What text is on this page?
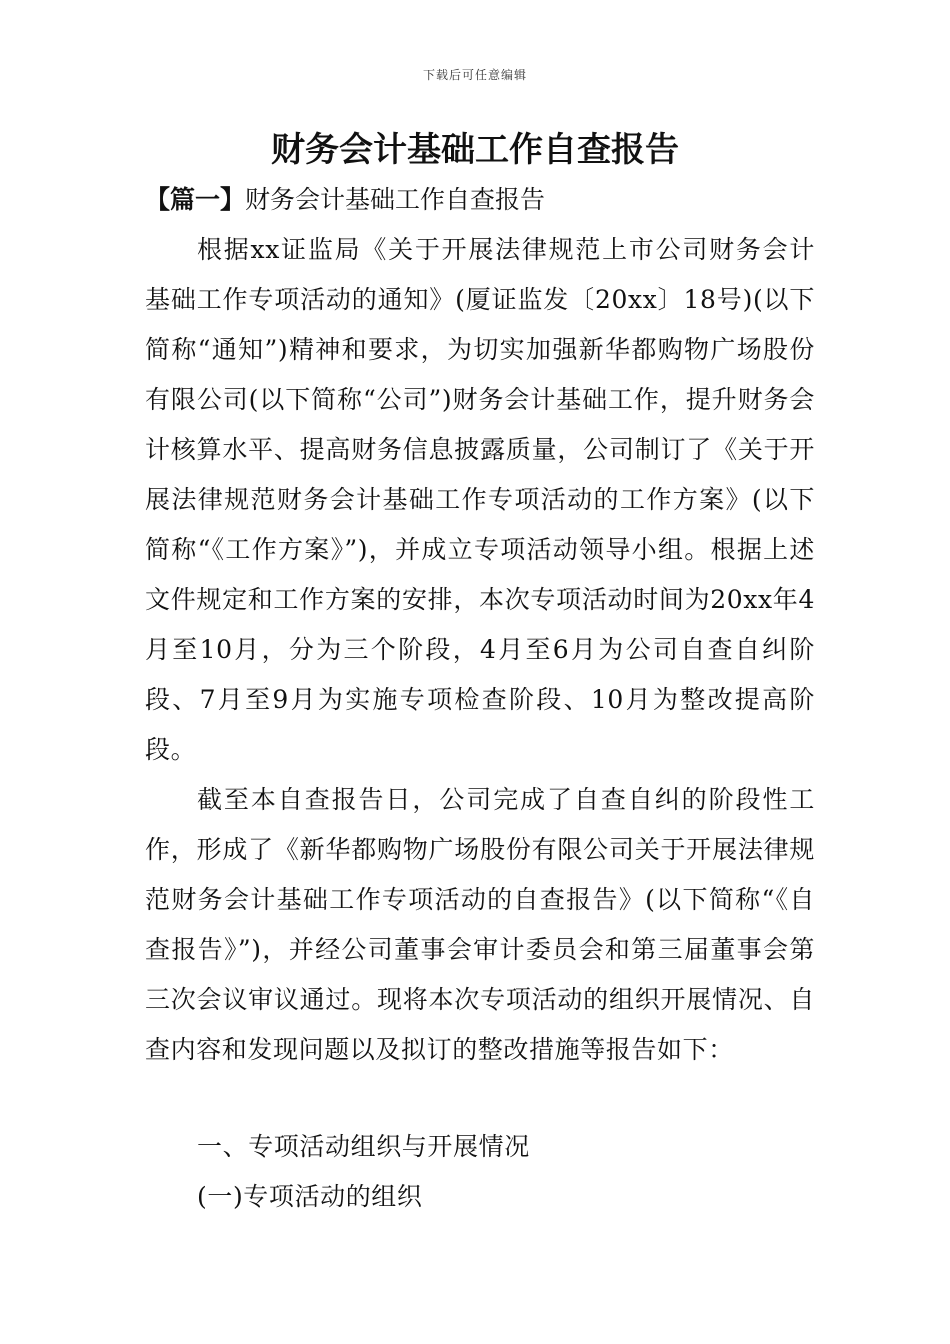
下载后可任意编辑
财务会计基础工作自查报告
【篇一】财务会计基础工作自查报告

根据xx证监局《关于开展法律规范上市公司财务会计基础工作专项活动的通知》(厦证监发〔20xx〕18号)(以下简称“通知”)精神和要求，为切实加强新华都购物广场股份有限公司(以下简称“公司”)财务会计基础工作，提升财务会计核算水平、提高财务信息披露质量，公司制订了《关于开展法律规范财务会计基础工作专项活动的工作方案》(以下简称“《工作方案》”)，并成立专项活动领导小组。根据上述文件规定和工作方案的安排，本次专项活动时间为20xx年4月至10月，分为三个阶段，4月至6月为公司自查自纠阶段、7月至9月为实施专项检查阶段、10月为整改提高阶段。

截至本自查报告日，公司完成了自查自纠的阶段性工作，形成了《新华都购物广场股份有限公司关于开展法律规范财务会计基础工作专项活动的自查报告》(以下简称“《自查报告》”)，并经公司董事会审计委员会和第三届董事会第三次会议审议通过。现将本次专项活动的组织开展情况、自查内容和发现问题以及拟订的整改措施等报告如下：

一、专项活动组织与开展情况

(一)专项活动的组织
